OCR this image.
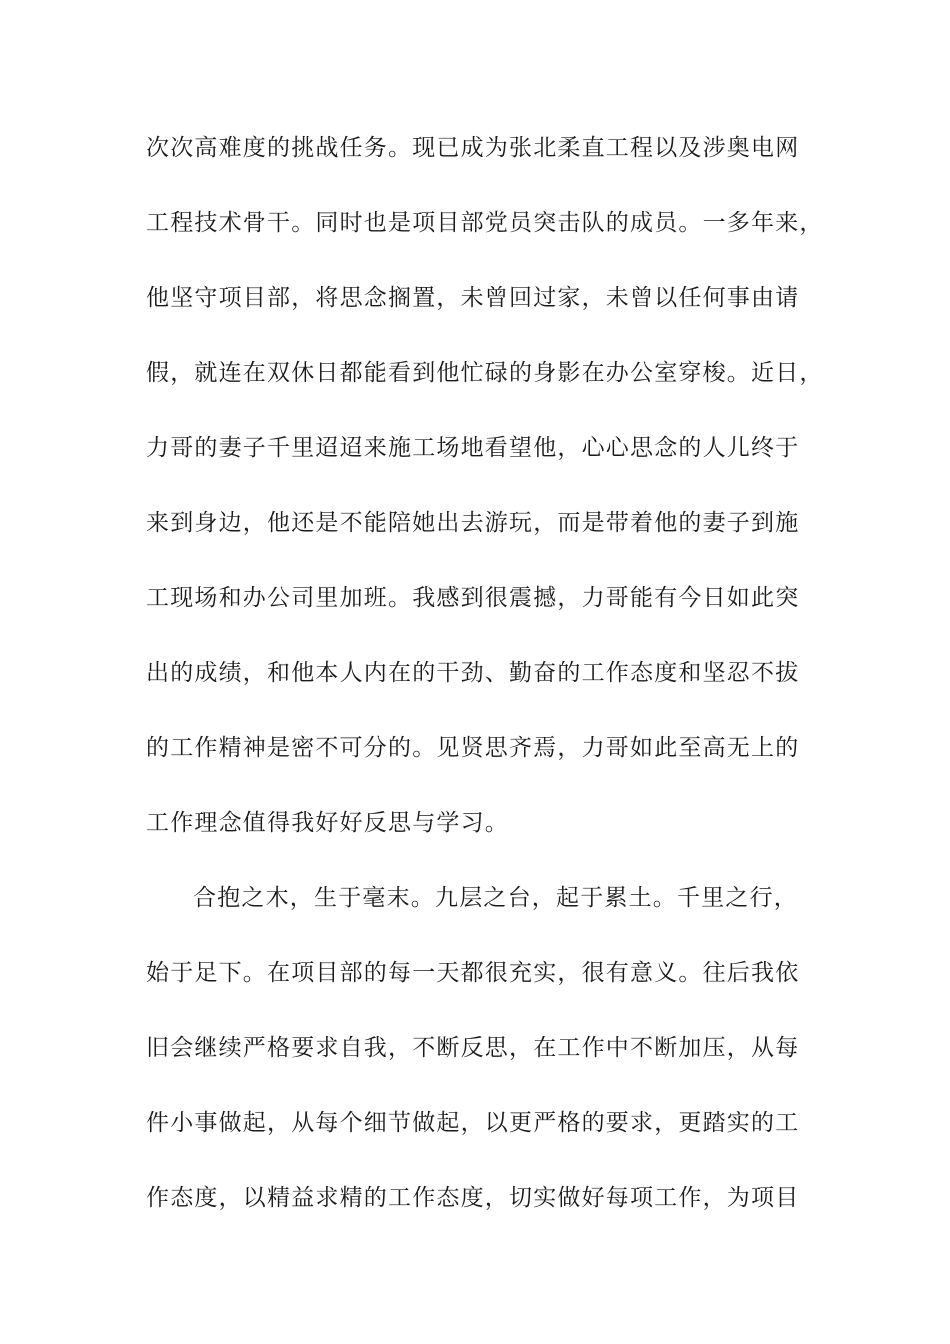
次次高难度的挑战任务。现已成为张北柔直工程以及涉奥电网
工程技术骨干。同时也是项目部党员突击队的成员。一多年来，
他坚守项目部，将思念搁置，未曾回过家，未曾以任何事由请
假，就连在双休日都能看到他忙碌的身影在办公室穿梭。近日，
力哥的妻子千里迢迢来施工场地看望他，心心思念的人儿终于
来到身边，他还是不能陪她出去游玩，而是带着他的妻子到施
工现场和办公司里加班。我感到很震撼，力哥能有今日如此突
出的成绩，和他本人内在的干劲、勤奋的工作态度和坚忍不拔
的工作精神是密不可分的。见贤思齐焉，力哥如此至高无上的
工作理念值得我好好反思与学习。
合抱之木，生于毫末。九层之台，起于累土。千里之行，
始于足下。在项目部的每一天都很充实，很有意义。往后我依
旧会继续严格要求自我，不断反思，在工作中不断加压，从每
件小事做起，从每个细节做起，以更严格的要求，更踏实的工
作态度，以精益求精的工作态度，切实做好每项工作，为项目
